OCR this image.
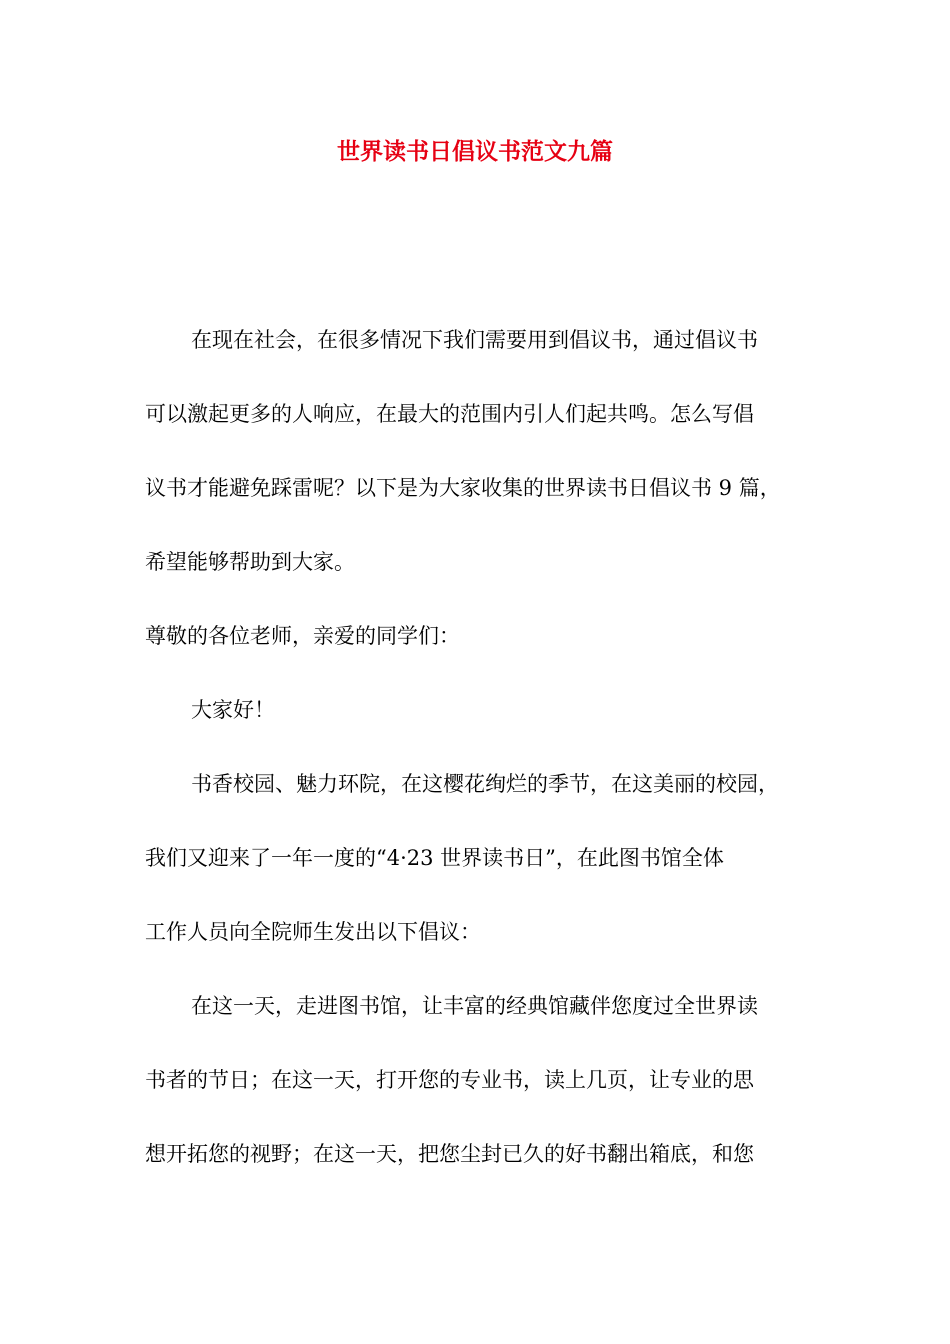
世界读书日倡议书范文九篇
在现在社会，在很多情况下我们需要用到倡议书，通过倡议书
可以激起更多的人响应，在最大的范围内引人们起共鸣。怎么写倡
议书才能避免踩雷呢？以下是为大家收集的世界读书日倡议书 9 篇，
希望能够帮助到大家。
尊敬的各位老师，亲爱的同学们：
大家好！
书香校园、魅力环院，在这樱花绚烂的季节，在这美丽的校园，
我们又迎来了一年一度的“4·23 世界读书日”，在此图书馆全体
工作人员向全院师生发出以下倡议：
在这一天，走进图书馆，让丰富的经典馆藏伴您度过全世界读
书者的节日；在这一天，打开您的专业书，读上几页，让专业的思
想开拓您的视野；在这一天，把您尘封已久的好书翻出箱底，和您
